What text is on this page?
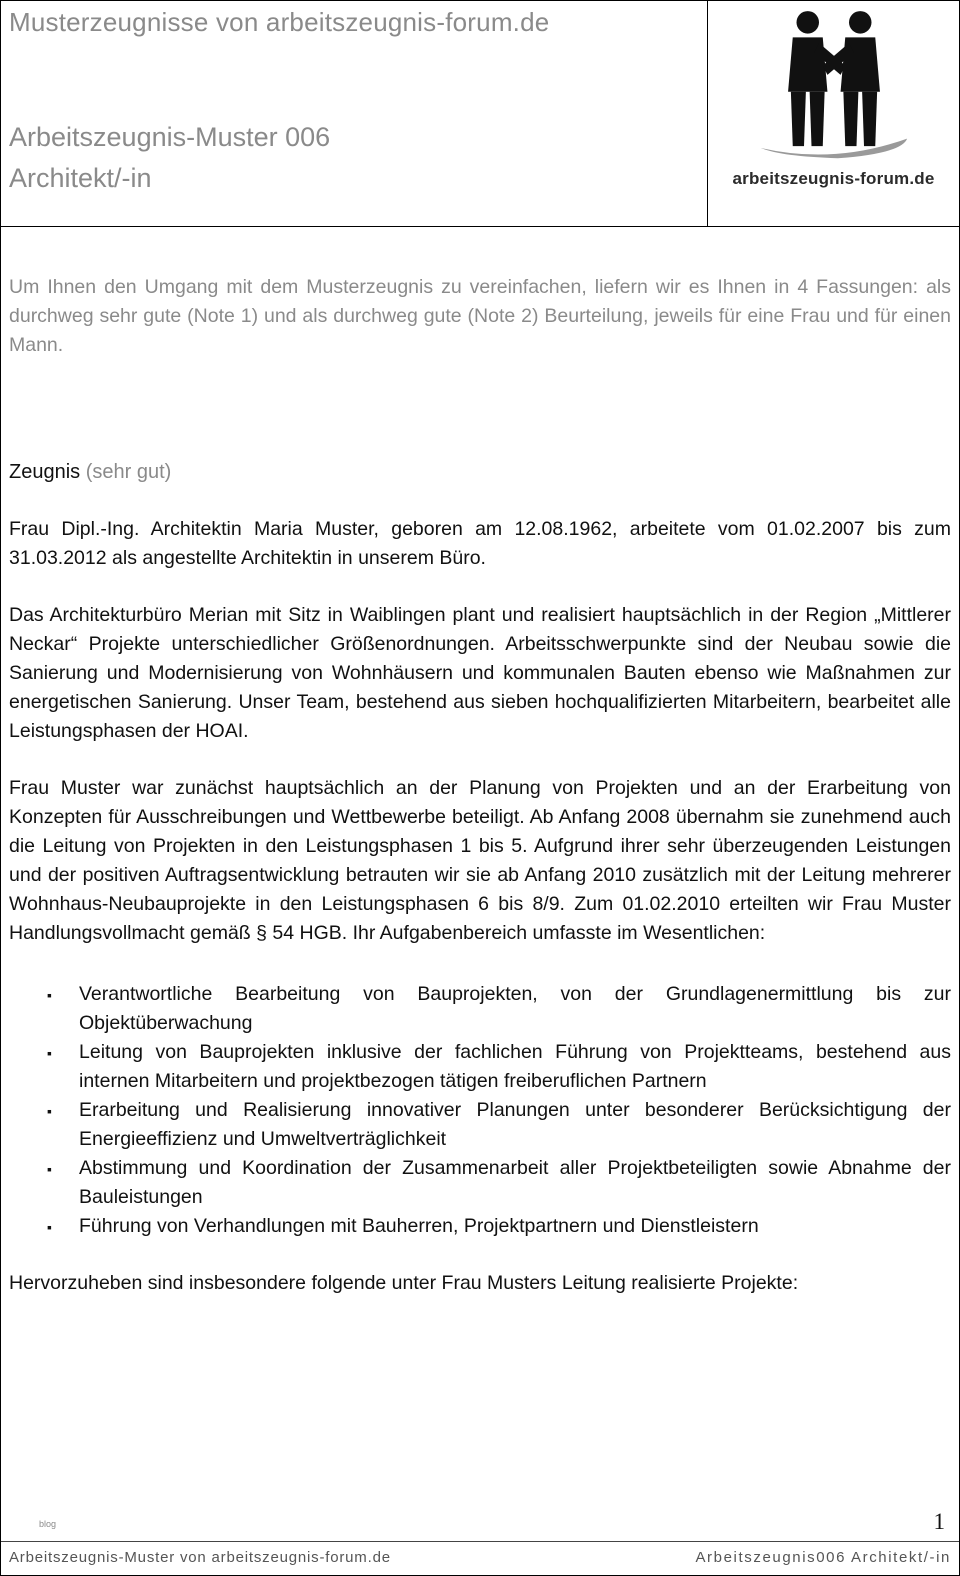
Musterzeugnisse von arbeitszeugnis-forum.de
Arbeitszeugnis-Muster 006
Architekt/-in	arbeitszeugnis-forum.de

Um Ihnen den Umgang mit dem Musterzeugnis zu vereinfachen, liefern wir es Ihnen in 4 Fassungen: als durchweg sehr gute (Note 1) und als durchweg gute (Note 2) Beurteilung, jeweils für eine Frau und für einen Mann.

Zeugnis (sehr gut)

Frau Dipl.-Ing. Architektin Maria Muster, geboren am 12.08.1962, arbeitete vom 01.02.2007 bis zum 31.03.2012 als angestellte Architektin in unserem Büro.

Das Architekturbüro Merian mit Sitz in Waiblingen plant und realisiert hauptsächlich in der Region „Mittlerer Neckar“ Projekte unterschiedlicher Größenordnungen. Arbeitsschwerpunkte sind der Neubau sowie die Sanierung und Modernisierung von Wohnhäusern und kommunalen Bauten ebenso wie Maßnahmen zur energetischen Sanierung. Unser Team, bestehend aus sieben hochqualifizierten Mitarbeitern, bearbeitet alle Leistungsphasen der HOAI.

Frau Muster war zunächst hauptsächlich an der Planung von Projekten und an der Erarbeitung von Konzepten für Ausschreibungen und Wettbewerbe beteiligt. Ab Anfang 2008 übernahm sie zunehmend auch die Leitung von Projekten in den Leistungsphasen 1 bis 5. Aufgrund ihrer sehr überzeugenden Leistungen und der positiven Auftragsentwicklung betrauten wir sie ab Anfang 2010 zusätzlich mit der Leitung mehrerer Wohnhaus-Neubauprojekte in den Leistungsphasen 6 bis 8/9. Zum 01.02.2010 erteilten wir Frau Muster Handlungsvollmacht gemäß § 54 HGB. Ihr Aufgabenbereich umfasste im Wesentlichen:

▪ Verantwortliche Bearbeitung von Bauprojekten, von der Grundlagenermittlung bis zur Objektüberwachung
▪ Leitung von Bauprojekten inklusive der fachlichen Führung von Projektteams, bestehend aus internen Mitarbeitern und projektbezogen tätigen freiberuflichen Partnern
▪ Erarbeitung und Realisierung innovativer Planungen unter besonderer Berücksichtigung der Energieeffizienz und Umweltverträglichkeit
▪ Abstimmung und Koordination der Zusammenarbeit aller Projektbeteiligten sowie Abnahme der Bauleistungen
▪ Führung von Verhandlungen mit Bauherren, Projektpartnern und Dienstleistern

Hervorzuheben sind insbesondere folgende unter Frau Musters Leitung realisierte Projekte:

blog	1
Arbeitszeugnis-Muster von arbeitszeugnis-forum.de	Arbeitszeugnis006 Architekt/-in
